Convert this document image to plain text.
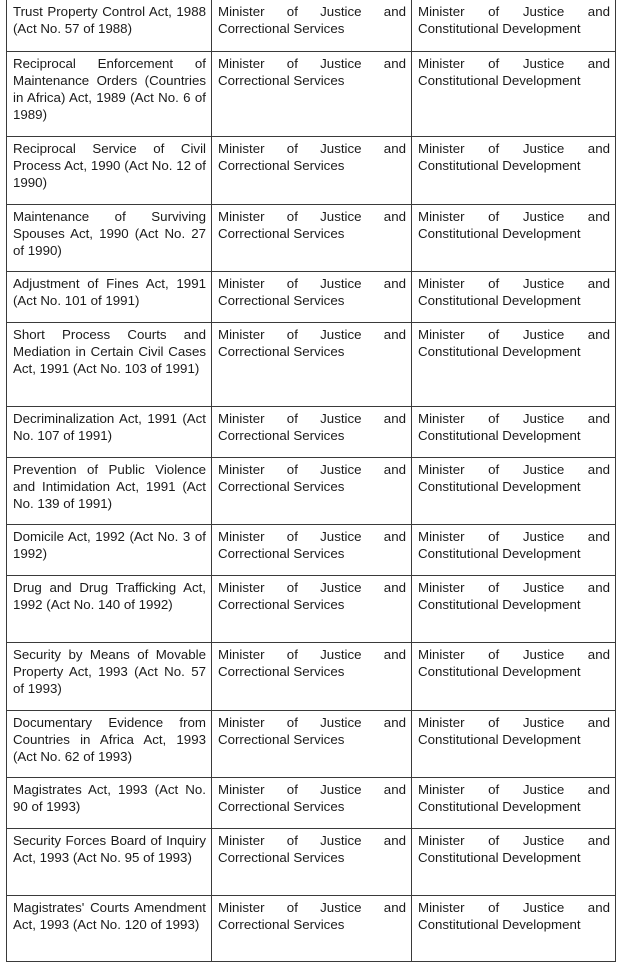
Trust Property Control Act, 1988 (Act No. 57 of 1988)	Minister of Justice and Correctional Services	Minister of Justice and Constitutional Development
Reciprocal Enforcement of Maintenance Orders (Countries in Africa) Act, 1989 (Act No. 6 of 1989)	Minister of Justice and Correctional Services	Minister of Justice and Constitutional Development
Reciprocal Service of Civil Process Act, 1990 (Act No. 12 of 1990)	Minister of Justice and Correctional Services	Minister of Justice and Constitutional Development
Maintenance of Surviving Spouses Act, 1990 (Act No. 27 of 1990)	Minister of Justice and Correctional Services	Minister of Justice and Constitutional Development
Adjustment of Fines Act, 1991 (Act No. 101 of 1991)	Minister of Justice and Correctional Services	Minister of Justice and Constitutional Development
Short Process Courts and Mediation in Certain Civil Cases Act, 1991 (Act No. 103 of 1991)	Minister of Justice and Correctional Services	Minister of Justice and Constitutional Development
Decriminalization Act, 1991 (Act No. 107 of 1991)	Minister of Justice and Correctional Services	Minister of Justice and Constitutional Development
Prevention of Public Violence and Intimidation Act, 1991 (Act No. 139 of 1991)	Minister of Justice and Correctional Services	Minister of Justice and Constitutional Development
Domicile Act, 1992 (Act No. 3 of 1992)	Minister of Justice and Correctional Services	Minister of Justice and Constitutional Development
Drug and Drug Trafficking Act, 1992 (Act No. 140 of 1992)	Minister of Justice and Correctional Services	Minister of Justice and Constitutional Development
Security by Means of Movable Property Act, 1993 (Act No. 57 of 1993)	Minister of Justice and Correctional Services	Minister of Justice and Constitutional Development
Documentary Evidence from Countries in Africa Act, 1993 (Act No. 62 of 1993)	Minister of Justice and Correctional Services	Minister of Justice and Constitutional Development
Magistrates Act, 1993 (Act No. 90 of 1993)	Minister of Justice and Correctional Services	Minister of Justice and Constitutional Development
Security Forces Board of Inquiry Act, 1993 (Act No. 95 of 1993)	Minister of Justice and Correctional Services	Minister of Justice and Constitutional Development
Magistrates' Courts Amendment Act, 1993 (Act No. 120 of 1993)	Minister of Justice and Correctional Services	Minister of Justice and Constitutional Development
